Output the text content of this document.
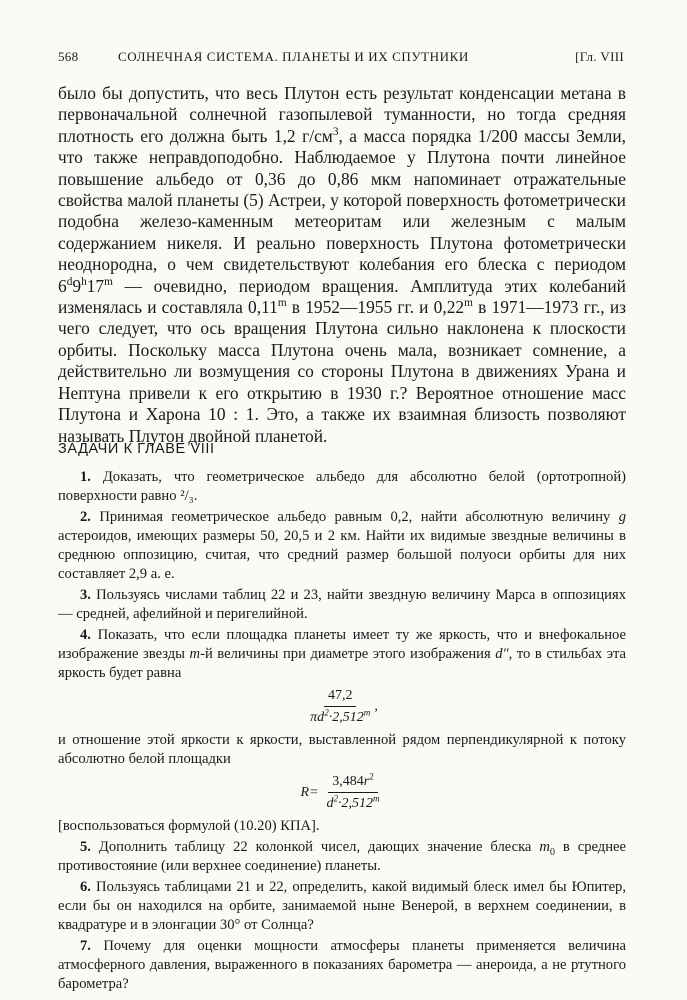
568	СОЛНЕЧНАЯ СИСТЕМА. ПЛАНЕТЫ И ИХ СПУТНИКИ	[Гл. VIII

было бы допустить, что весь Плутон есть результат конденсации метана в первоначальной солнечной газопылевой туманности, но тогда средняя плотность его должна быть 1,2 $г/см^3$, а масса порядка 1/200 массы Земли, что также неправдоподобно. Наблюдаемое у Плутона почти линейное повышение альбедо от 0,36 до 0,86 мкм напоминает отражательные свойства малой планеты (5) Астреи, у которой поверхность фотометрически подобна железо-каменным метеоритам или железным с малым содержанием никеля. И реально поверхность Плутона фотометрически неоднородна, о чем свидетельствуют колебания его блеска с периодом 6$^d$9$^h$17$^m$ — очевидно, периодом вращения. Амплитуда этих колебаний изменялась и составляла 0,11$^m$ в 1952—1955 гг. и 0,22$^m$ в 1971—1973 гг., из чего следует, что ось вращения Плутона сильно наклонена к плоскости орбиты. Поскольку масса Плутона очень мала, возникает сомнение, а действительно ли возмущения со стороны Плутона в движениях Урана и Нептуна привели к его открытию в 1930 г.? Вероятное отношение масс Плутона и Харона 10 : 1. Это, а также их взаимная близость позволяют называть Плутон двойной планетой.

ЗАДАЧИ К ГЛАВЕ VIII

1. Доказать, что геометрическое альбедо для абсолютно белой (ортотропной) поверхности равно ²/₃.

2. Принимая геометрическое альбедо равным 0,2, найти абсолютную величину g астероидов, имеющих размеры 50, 20,5 и 2 км. Найти их видимые звездные величины в среднюю оппозицию, считая, что средний размер большой полуоси орбиты для них составляет 2,9 а. е.

3. Пользуясь числами таблиц 22 и 23, найти звездную величину Марса в оппозициях — средней, афелийной и перигелийной.

4. Показать, что если площадка планеты имеет ту же яркость, что и внефокальное изображение звезды m-й величины при диаметре этого изображения d″, то в стильбах эта яркость будет равна

$\frac{47,2}{\pi d^2\cdot 2,512^m}$ ,

и отношение этой яркости к яркости, выставленной рядом перпендикулярной к потоку абсолютно белой площадки

$R= \frac{3,484r^2}{d^2\cdot 2,512^m}$

[воспользоваться формулой (10.20) КПА].

5. Дополнить таблицу 22 колонкой чисел, дающих значение блеска $m_0$ в среднее противостояние (или верхнее соединение) планеты.

6. Пользуясь таблицами 21 и 22, определить, какой видимый блеск имел бы Юпитер, если бы он находился на орбите, занимаемой ныне Венерой, в верхнем соединении, в квадратуре и в элонгации 30° от Солнца?

7. Почему для оценки мощности атмосферы планеты применяется величина атмосферного давления, выраженного в показаниях барометра — анероида, а не ртутного барометра?
